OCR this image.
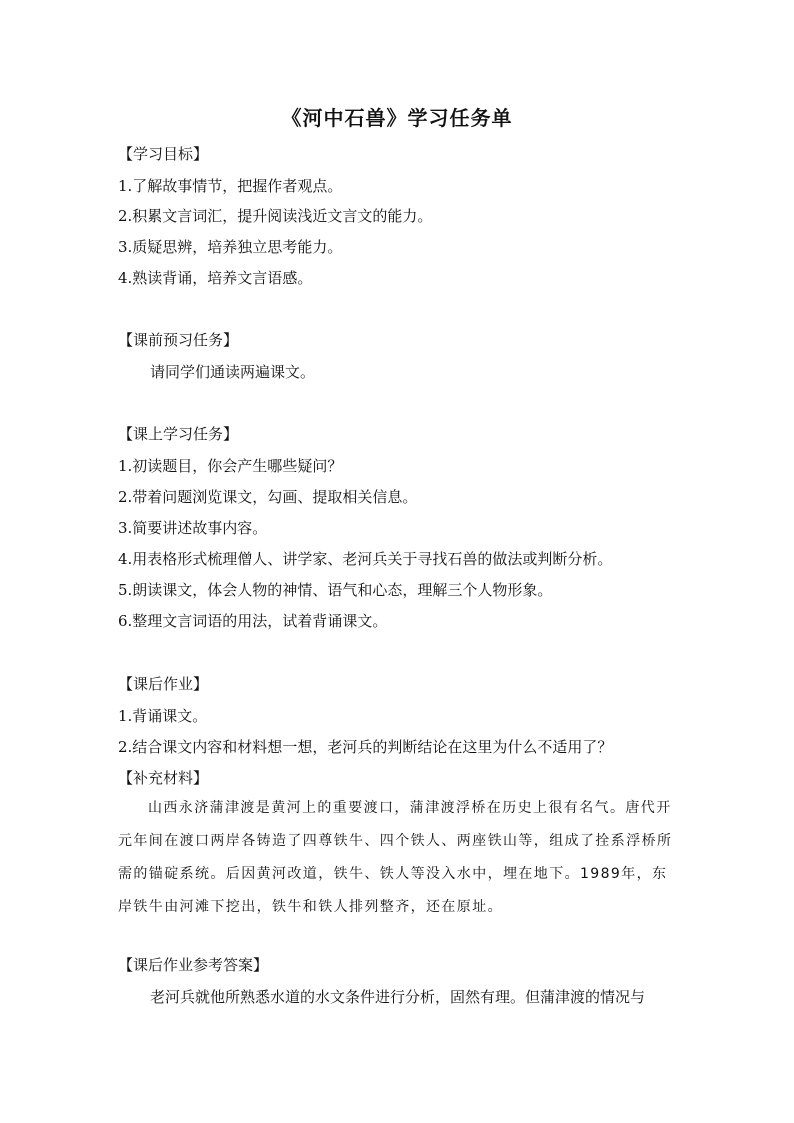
《河中石兽》学习任务单
【学习目标】
1.了解故事情节，把握作者观点。
2.积累文言词汇，提升阅读浅近文言文的能力。
3.质疑思辨，培养独立思考能力。
4.熟读背诵，培养文言语感。
【课前预习任务】
请同学们通读两遍课文。
【课上学习任务】
1.初读题目，你会产生哪些疑问？
2.带着问题浏览课文，勾画、提取相关信息。
3.简要讲述故事内容。
4.用表格形式梳理僧人、讲学家、老河兵关于寻找石兽的做法或判断分析。
5.朗读课文，体会人物的神情、语气和心态，理解三个人物形象。
6.整理文言词语的用法，试着背诵课文。
【课后作业】
1.背诵课文。
2.结合课文内容和材料想一想，老河兵的判断结论在这里为什么不适用了？
【补充材料】

山西永济蒲津渡是黄河上的重要渡口，蒲津渡浮桥在历史上很有名气。唐代开元年间在渡口两岸各铸造了四尊铁牛、四个铁人、两座铁山等，组成了拴系浮桥所需的锚碇系统。后因黄河改道，铁牛、铁人等没入水中，埋在地下。1989年，东岸铁牛由河滩下挖出，铁牛和铁人排列整齐，还在原址。

【课后作业参考答案】

老河兵就他所熟悉水道的水文条件进行分析，固然有理。但蒲津渡的情况与
